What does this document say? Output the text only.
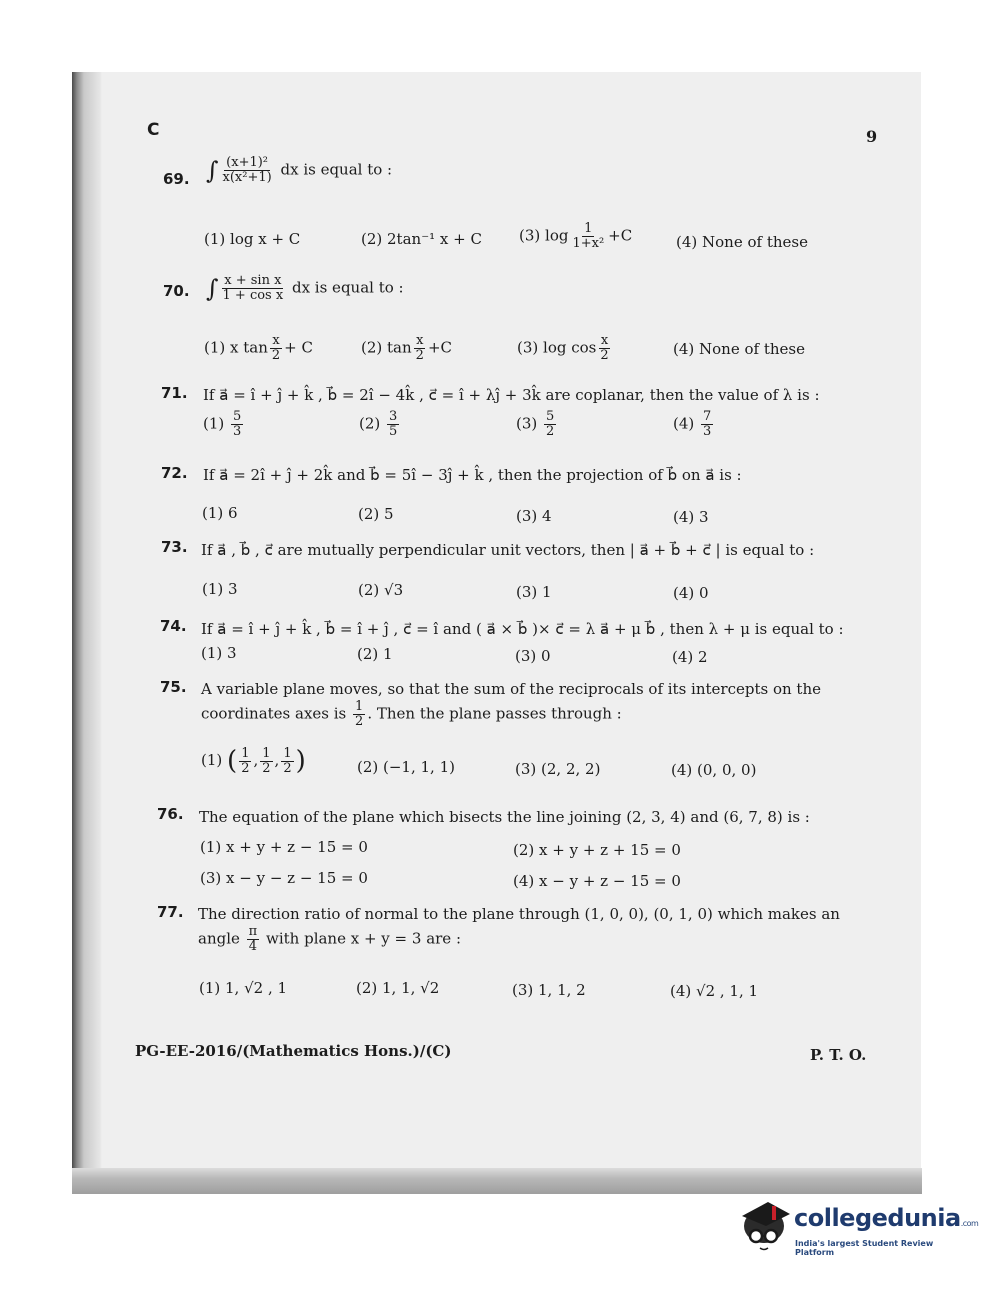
C	9
69. ∫ $\frac{\text{(x+1)²}}{\text{x(x²+1)}}$ dx is equal to :
(1) log x + C	(2) 2tan⁻¹ x + C (3) $\log \frac{1}{\text{1+x²}} +C$	(4) None of these
70. ∫ $\frac{\text{x + sin x}}{\text{1 + cos x}}$ dx is equal to :
(1) x $\tan \frac{x}{2} + C$	(2) $\tan \frac{x}{2} +C$	(3) $\log \cos \frac{x}{2}$	(4) None of these
71. If a⃗ = î + ĵ + k̂ , b⃗ = 2î − 4k̂ , c⃗ = î + λĵ + 3k̂ are coplanar, then the value of λ is :
$(1) \frac{5}{3}$	$(2) \frac{3}{5}$	$(3) \frac{5}{2}$	$(4) \frac{7}{3}$
72. If a⃗ = 2î + ĵ + 2k̂ and b⃗ = 5î − 3ĵ + k̂ , then the projection of b⃗ on a⃗ is :
(1) 6	(2) 5	(3) 4	(4) 3
73. If a⃗ , b⃗ , c⃗ are mutually perpendicular unit vectors, then | a⃗ + b⃗ + c⃗ | is equal to :
(1) 3	(2) √3	(3) 1	(4) 0
74. If a⃗ = î + ĵ + k̂ , b⃗ = î + ĵ , c⃗ = î and ( a⃗ × b⃗ )× c⃗ = λ a⃗ + μ b⃗ , then λ + μ is equal to :
(1) 3	(2) 1	(3) 0	(4) 2
75. A variable plane moves, so that the sum of the reciprocals of its intercepts on the
coordinates axes is $\frac{1}{2}$ . Then the plane passes through :
(1) ( $\frac{1}{2}$ , $\frac{1}{2}$ , $\frac{1}{2}$ )	(2) (−1, 1, 1)	(3) (2, 2, 2)	(4) (0, 0, 0)
76. The equation of the plane which bisects the line joining (2, 3, 4) and (6, 7, 8) is :
(1) x + y + z − 15 = 0	(2) x + y + z + 15 = 0
(3) x − y − z − 15 = 0	(4) x − y + z − 15 = 0
77. The direction ratio of normal to the plane through (1, 0, 0), (0, 1, 0) which makes an
angle $\frac{\pi}{4}$ with plane x + y = 3 are :
(1) 1, √2 , 1	(2) 1, 1, √2	(3) 1, 1, 2	(4) √2 , 1, 1
PG-EE-2016/(Mathematics Hons.)/(C)	P. T. O.
collegedunia.com
India's largest Student Review Platform
